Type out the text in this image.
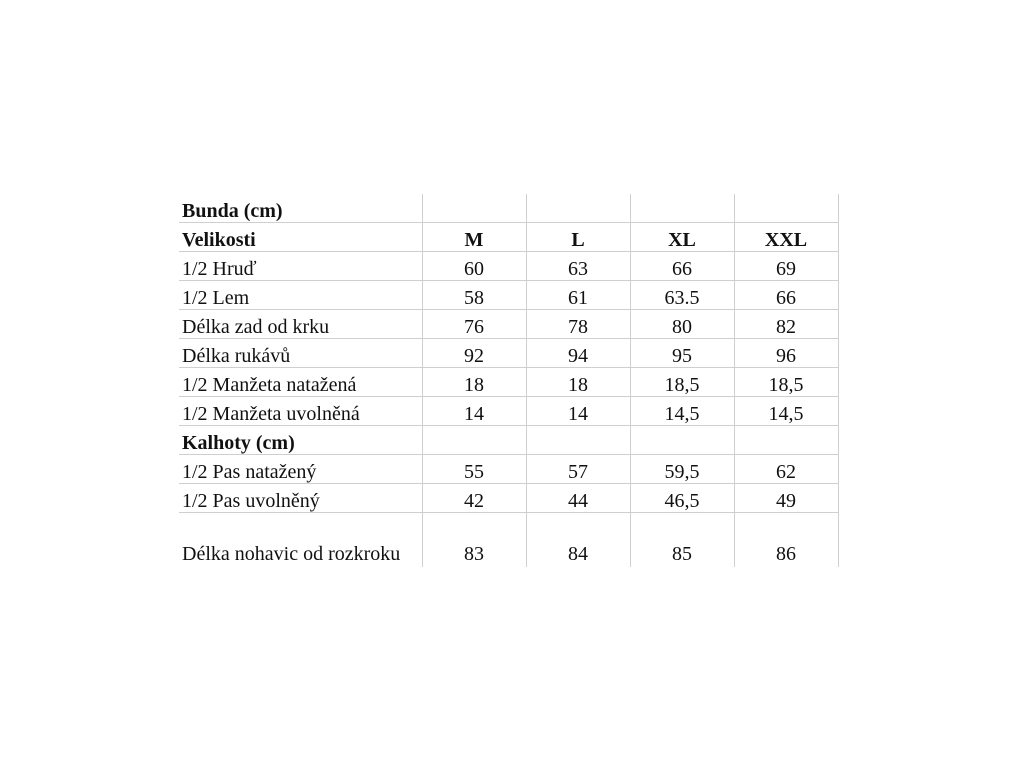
Bunda (cm)				
Velikosti	M	L	XL	XXL
1/2 Hruď	60	63	66	69
1/2 Lem	58	61	63.5	66
Délka zad od krku	76	78	80	82
Délka rukávů	92	94	95	96
1/2 Manžeta natažená	18	18	18,5	18,5
1/2 Manžeta uvolněná	14	14	14,5	14,5
Kalhoty (cm)				
1/2 Pas natažený	55	57	59,5	62
1/2 Pas uvolněný	42	44	46,5	49
Délka nohavic od rozkroku	83	84	85	86
